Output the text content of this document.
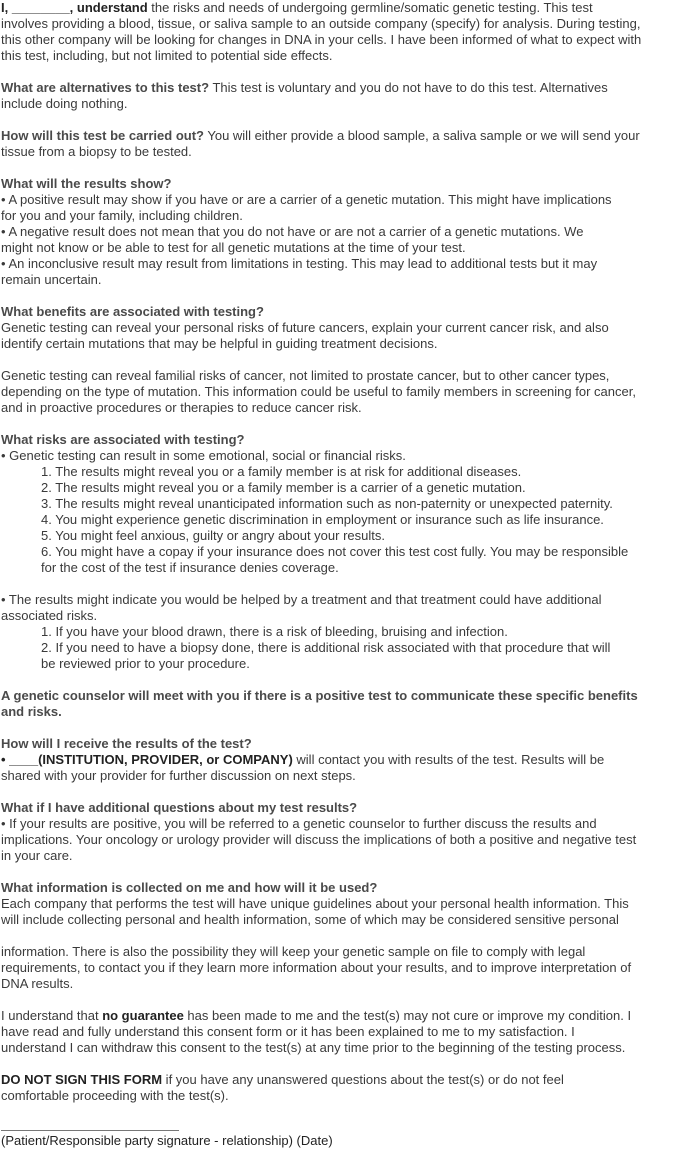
I, ________, understand the risks and needs of undergoing germline/somatic genetic testing. This test

involves providing a blood, tissue, or saliva sample to an outside company (specify) for analysis. During testing,

this other company will be looking for changes in DNA in your cells. I have been informed of what to expect with

this test, including, but not limited to potential side effects.

What are alternatives to this test? This test is voluntary and you do not have to do this test. Alternatives

include doing nothing.

How will this test be carried out? You will either provide a blood sample, a saliva sample or we will send your

tissue from a biopsy to be tested.

What will the results show?

• A positive result may show if you have or are a carrier of a genetic mutation. This might have implications

for you and your family, including children.

• A negative result does not mean that you do not have or are not a carrier of a genetic mutations. We

might not know or be able to test for all genetic mutations at the time of your test.

• An inconclusive result may result from limitations in testing. This may lead to additional tests but it may

remain uncertain.

What benefits are associated with testing?

Genetic testing can reveal your personal risks of future cancers, explain your current cancer risk, and also

identify certain mutations that may be helpful in guiding treatment decisions.

Genetic testing can reveal familial risks of cancer, not limited to prostate cancer, but to other cancer types,

depending on the type of mutation. This information could be useful to family members in screening for cancer,

and in proactive procedures or therapies to reduce cancer risk.

What risks are associated with testing?

• Genetic testing can result in some emotional, social or financial risks.

1. The results might reveal you or a family member is at risk for additional diseases.

2. The results might reveal you or a family member is a carrier of a genetic mutation.

3. The results might reveal unanticipated information such as non-paternity or unexpected paternity.

4. You might experience genetic discrimination in employment or insurance such as life insurance.

5. You might feel anxious, guilty or angry about your results.

6. You might have a copay if your insurance does not cover this test cost fully. You may be responsible

for the cost of the test if insurance denies coverage.

• The results might indicate you would be helped by a treatment and that treatment could have additional

associated risks.

1. If you have your blood drawn, there is a risk of bleeding, bruising and infection.

2. If you need to have a biopsy done, there is additional risk associated with that procedure that will

be reviewed prior to your procedure.

A genetic counselor will meet with you if there is a positive test to communicate these specific benefits

and risks.

How will I receive the results of the test?

• ____(INSTITUTION, PROVIDER, or COMPANY) will contact you with results of the test. Results will be

shared with your provider for further discussion on next steps.

What if I have additional questions about my test results?

• If your results are positive, you will be referred to a genetic counselor to further discuss the results and

implications. Your oncology or urology provider will discuss the implications of both a positive and negative test

in your care.

What information is collected on me and how will it be used?

Each company that performs the test will have unique guidelines about your personal health information. This

will include collecting personal and health information, some of which may be considered sensitive personal

information. There is also the possibility they will keep your genetic sample on file to comply with legal

requirements, to contact you if they learn more information about your results, and to improve interpretation of

DNA results.

I understand that no guarantee has been made to me and the test(s) may not cure or improve my condition. I

have read and fully understand this consent form or it has been explained to me to my satisfaction. I

understand I can withdraw this consent to the test(s) at any time prior to the beginning of the testing process.

DO NOT SIGN THIS FORM if you have any unanswered questions about the test(s) or do not feel

comfortable proceeding with the test(s).

(Patient/Responsible party signature - relationship) (Date)
